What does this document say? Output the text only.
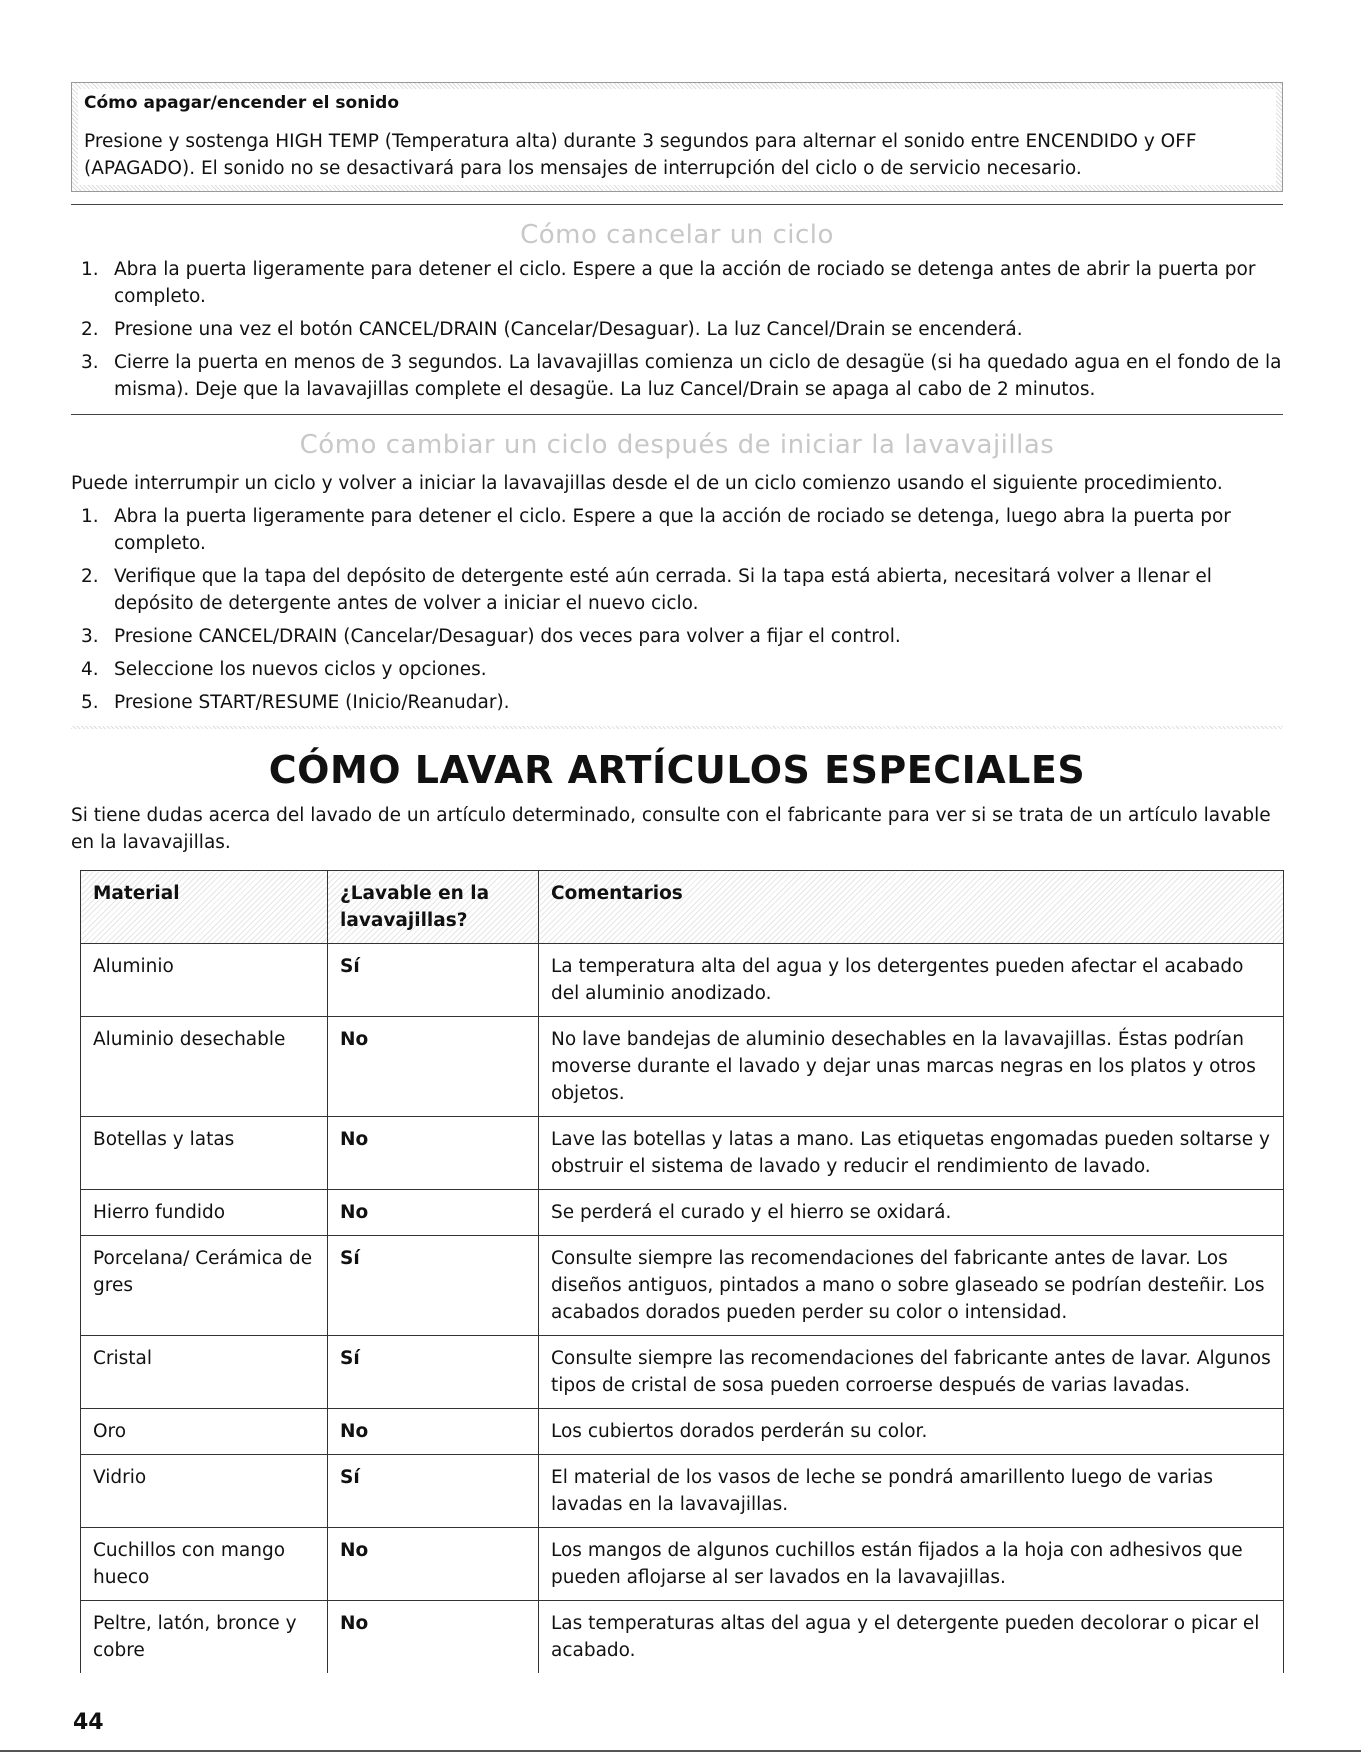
Cómo apagar/encender el sonido
Presione y sostenga HIGH TEMP (Temperatura alta) durante 3 segundos para alternar el sonido entre ENCENDIDO y OFF (APAGADO). El sonido no se desactivará para los mensajes de interrupción del ciclo o de servicio necesario.
Cómo cancelar un ciclo
1. Abra la puerta ligeramente para detener el ciclo. Espere a que la acción de rociado se detenga antes de abrir la puerta por completo.
2. Presione una vez el botón CANCEL/DRAIN (Cancelar/Desaguar). La luz Cancel/Drain se encenderá.
3. Cierre la puerta en menos de 3 segundos. La lavavajillas comienza un ciclo de desagüe (si ha quedado agua en el fondo de la misma). Deje que la lavavajillas complete el desagüe. La luz Cancel/Drain se apaga al cabo de 2 minutos.
Cómo cambiar un ciclo después de iniciar la lavavajillas
Puede interrumpir un ciclo y volver a iniciar la lavavajillas desde el de un ciclo comienzo usando el siguiente procedimiento.
1. Abra la puerta ligeramente para detener el ciclo. Espere a que la acción de rociado se detenga, luego abra la puerta por completo.
2. Verifique que la tapa del depósito de detergente esté aún cerrada. Si la tapa está abierta, necesitará volver a llenar el depósito de detergente antes de volver a iniciar el nuevo ciclo.
3. Presione CANCEL/DRAIN (Cancelar/Desaguar) dos veces para volver a fijar el control.
4. Seleccione los nuevos ciclos y opciones.
5. Presione START/RESUME (Inicio/Reanudar).
CÓMO LAVAR ARTÍCULOS ESPECIALES
Si tiene dudas acerca del lavado de un artículo determinado, consulte con el fabricante para ver si se trata de un artículo lavable en la lavavajillas.
Material	¿Lavable en la lavavajillas?	Comentarios
Aluminio	Sí	La temperatura alta del agua y los detergentes pueden afectar el acabado del aluminio anodizado.
Aluminio desechable	No	No lave bandejas de aluminio desechables en la lavavajillas. Éstas podrían moverse durante el lavado y dejar unas marcas negras en los platos y otros objetos.
Botellas y latas	No	Lave las botellas y latas a mano. Las etiquetas engomadas pueden soltarse y obstruir el sistema de lavado y reducir el rendimiento de lavado.
Hierro fundido	No	Se perderá el curado y el hierro se oxidará.
Porcelana/ Cerámica de gres	Sí	Consulte siempre las recomendaciones del fabricante antes de lavar. Los diseños antiguos, pintados a mano o sobre glaseado se podrían desteñir. Los acabados dorados pueden perder su color o intensidad.
Cristal	Sí	Consulte siempre las recomendaciones del fabricante antes de lavar. Algunos tipos de cristal de sosa pueden corroerse después de varias lavadas.
Oro	No	Los cubiertos dorados perderán su color.
Vidrio	Sí	El material de los vasos de leche se pondrá amarillento luego de varias lavadas en la lavavajillas.
Cuchillos con mango hueco	No	Los mangos de algunos cuchillos están fijados a la hoja con adhesivos que pueden aflojarse al ser lavados en la lavavajillas.
Peltre, latón, bronce y cobre	No	Las temperaturas altas del agua y el detergente pueden decolorar o picar el acabado.
44
